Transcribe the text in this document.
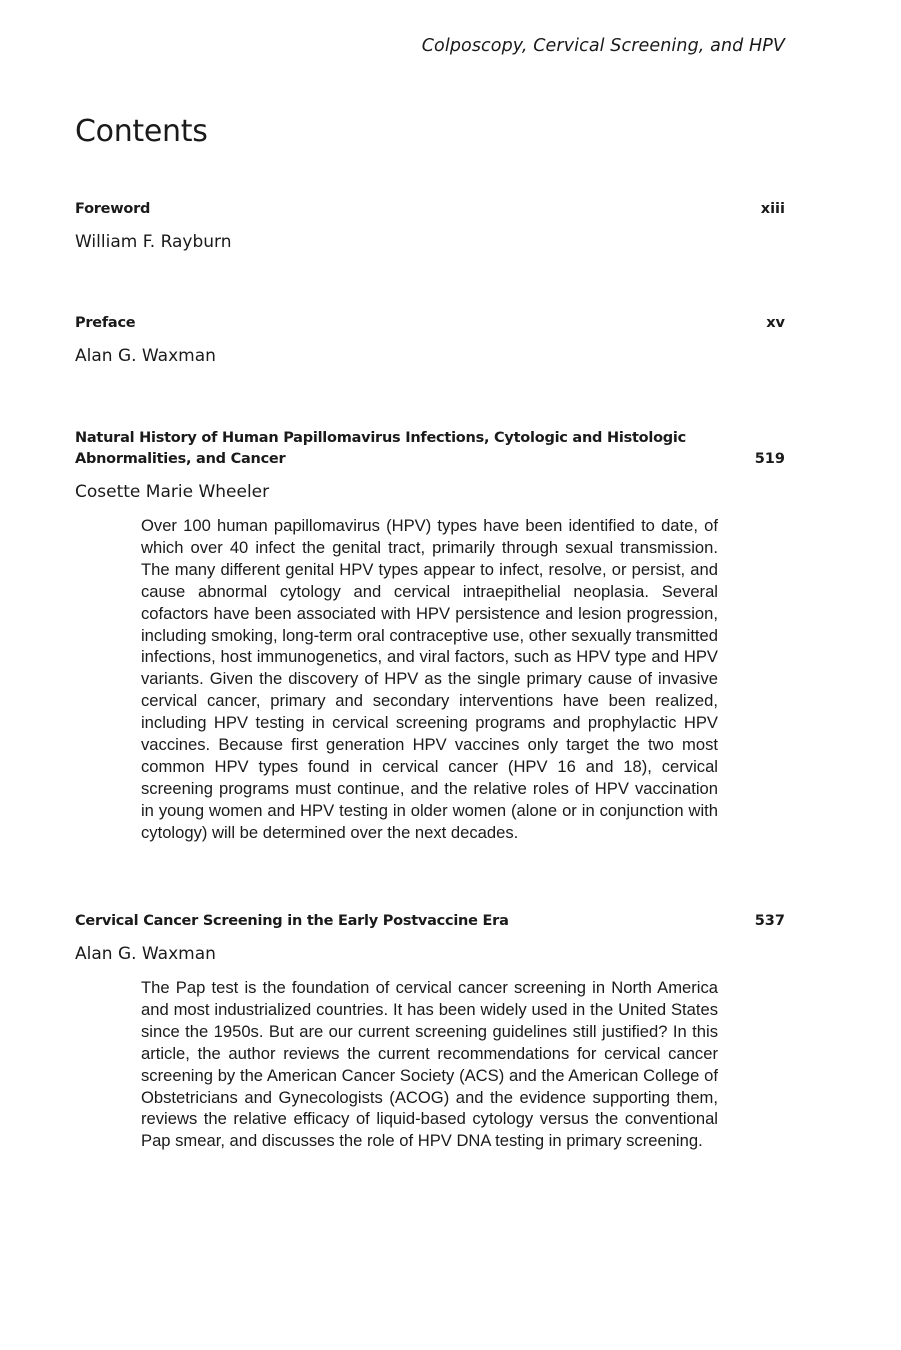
Colposcopy, Cervical Screening, and HPV
Contents
Foreword	xiii
William F. Rayburn
Preface	xv
Alan G. Waxman
Natural History of Human Papillomavirus Infections, Cytologic and Histologic Abnormalities, and Cancer	519
Cosette Marie Wheeler

Over 100 human papillomavirus (HPV) types have been identified to date, of which over 40 infect the genital tract, primarily through sexual transmission. The many different genital HPV types appear to infect, resolve, or persist, and cause abnormal cytology and cervical intraepithelial neoplasia. Several cofactors have been associated with HPV persistence and lesion progression, including smoking, long-term oral contraceptive use, other sexually transmitted infections, host immunogenetics, and viral factors, such as HPV type and HPV variants. Given the discovery of HPV as the single primary cause of invasive cervical cancer, primary and secondary interventions have been realized, including HPV testing in cervical screening programs and prophylactic HPV vaccines. Because first generation HPV vaccines only target the two most common HPV types found in cervical cancer (HPV 16 and 18), cervical screening programs must continue, and the relative roles of HPV vaccination in young women and HPV testing in older women (alone or in conjunction with cytology) will be determined over the next decades.

Cervical Cancer Screening in the Early Postvaccine Era	537
Alan G. Waxman

The Pap test is the foundation of cervical cancer screening in North America and most industrialized countries. It has been widely used in the United States since the 1950s. But are our current screening guidelines still justified? In this article, the author reviews the current recommendations for cervical cancer screening by the American Cancer Society (ACS) and the American College of Obstetricians and Gynecologists (ACOG) and the evidence supporting them, reviews the relative efficacy of liquid-based cytology versus the conventional Pap smear, and discusses the role of HPV DNA testing in primary screening.
